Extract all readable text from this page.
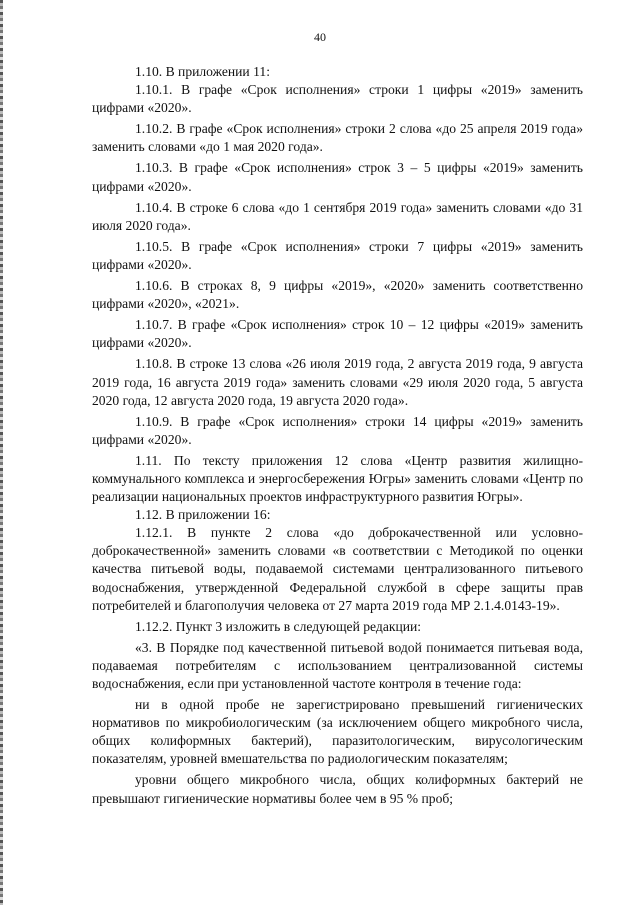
40

1.10. В приложении 11:

1.10.1. В графе «Срок исполнения» строки 1 цифры «2019» заменить цифрами «2020».

1.10.2. В графе «Срок исполнения» строки 2 слова «до 25 апреля 2019 года» заменить словами «до 1 мая 2020 года».

1.10.3. В графе «Срок исполнения» строк 3 – 5 цифры «2019» заменить цифрами «2020».

1.10.4. В строке 6 слова «до 1 сентября 2019 года» заменить словами «до 31 июля 2020 года».

1.10.5. В графе «Срок исполнения» строки 7 цифры «2019» заменить цифрами «2020».

1.10.6. В строках 8, 9 цифры «2019», «2020» заменить соответственно цифрами «2020», «2021».

1.10.7. В графе «Срок исполнения» строк 10 – 12 цифры «2019» заменить цифрами «2020».

1.10.8. В строке 13 слова «26 июля 2019 года, 2 августа 2019 года, 9 августа 2019 года, 16 августа 2019 года» заменить словами «29 июля 2020 года, 5 августа 2020 года, 12 августа 2020 года, 19 августа 2020 года».

1.10.9. В графе «Срок исполнения» строки 14 цифры «2019» заменить цифрами «2020».

1.11. По тексту приложения 12 слова «Центр развития жилищно-коммунального комплекса и энергосбережения Югры» заменить словами «Центр по реализации национальных проектов инфраструктурного развития Югры».

1.12. В приложении 16:

1.12.1. В пункте 2 слова «до доброкачественной или условно-доброкачественной» заменить словами «в соответствии с Методикой по оценки качества питьевой воды, подаваемой системами централизованного питьевого водоснабжения, утвержденной Федеральной службой в сфере защиты прав потребителей и благополучия человека от 27 марта 2019 года МР 2.1.4.0143-19».

1.12.2. Пункт 3 изложить в следующей редакции:

«3. В Порядке под качественной питьевой водой понимается питьевая вода, подаваемая потребителям с использованием централизованной системы водоснабжения, если при установленной частоте контроля в течение года:

ни в одной пробе не зарегистрировано превышений гигиенических нормативов по микробиологическим (за исключением общего микробного числа, общих колиформных бактерий), паразитологическим, вирусологическим показателям, уровней вмешательства по радиологическим показателям;

уровни общего микробного числа, общих колиформных бактерий не превышают гигиенические нормативы более чем в 95 % проб;
